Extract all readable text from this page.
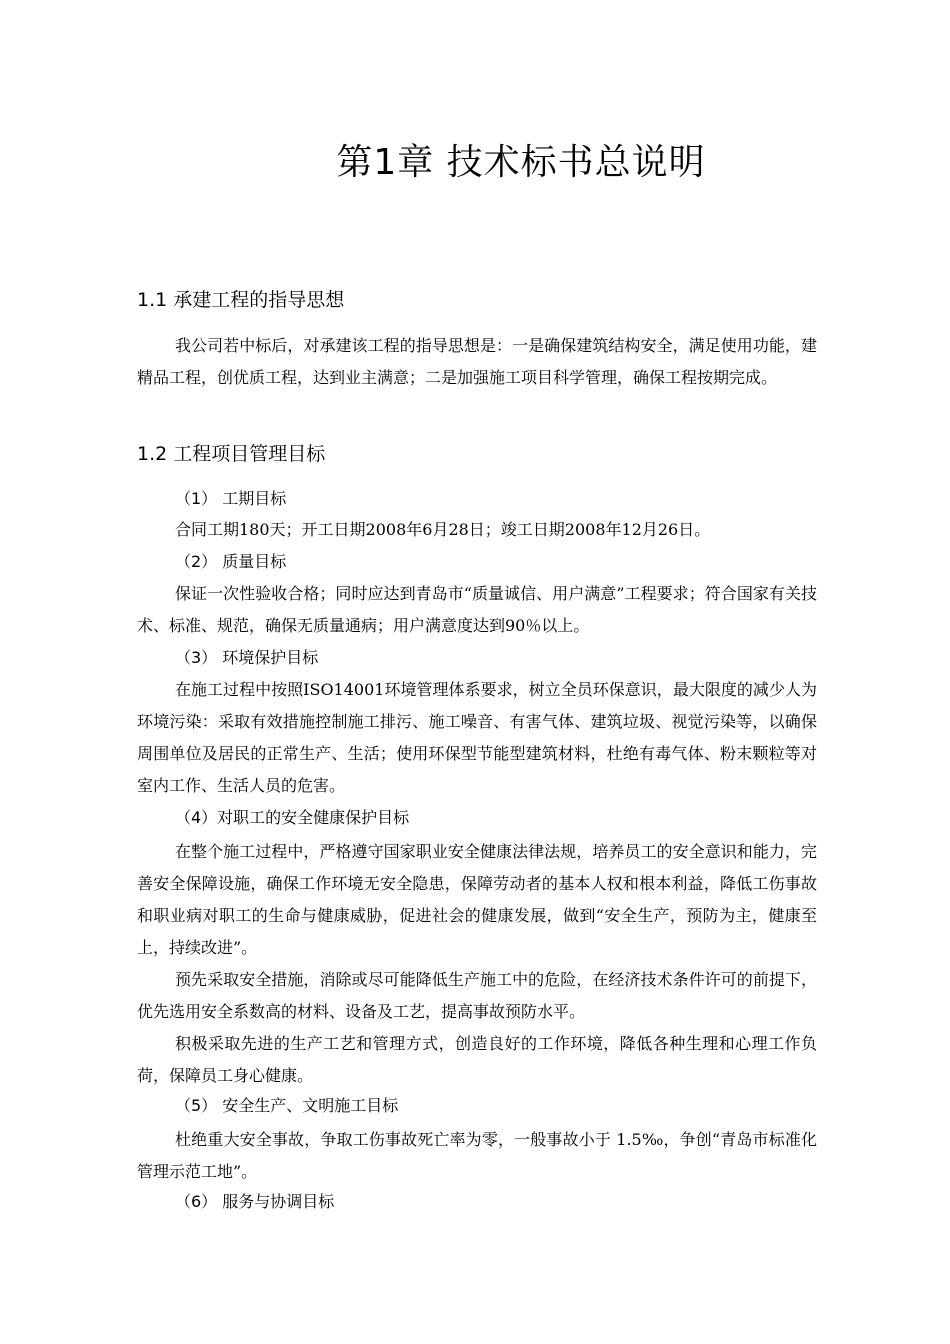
第1章 技术标书总说明
1.1 承建工程的指导思想

我公司若中标后，对承建该工程的指导思想是：一是确保建筑结构安全，满足使用功能，建精品工程，创优质工程，达到业主满意；二是加强施工项目科学管理，确保工程按期完成。

1.2 工程项目管理目标
（1） 工期目标

合同工期180天；开工日期2008年6月28日；竣工日期2008年12月26日。

（2） 质量目标

保证一次性验收合格；同时应达到青岛市“质量诚信、用户满意”工程要求；符合国家有关技术、标准、规范，确保无质量通病；用户满意度达到90％以上。

（3） 环境保护目标

在施工过程中按照ISO14001环境管理体系要求，树立全员环保意识，最大限度的减少人为环境污染：采取有效措施控制施工排污、施工噪音、有害气体、建筑垃圾、视觉污染等，以确保周围单位及居民的正常生产、生活；使用环保型节能型建筑材料，杜绝有毒气体、粉末颗粒等对室内工作、生活人员的危害。

（4）对职工的安全健康保护目标

在整个施工过程中，严格遵守国家职业安全健康法律法规，培养员工的安全意识和能力，完善安全保障设施，确保工作环境无安全隐患，保障劳动者的基本人权和根本利益，降低工伤事故和职业病对职工的生命与健康威胁，促进社会的健康发展，做到“安全生产，预防为主，健康至上，持续改进”。

预先采取安全措施，消除或尽可能降低生产施工中的危险，在经济技术条件许可的前提下，优先选用安全系数高的材料、设备及工艺，提高事故预防水平。

积极采取先进的生产工艺和管理方式，创造良好的工作环境，降低各种生理和心理工作负荷，保障员工身心健康。

（5） 安全生产、文明施工目标

杜绝重大安全事故，争取工伤事故死亡率为零，一般事故小于 1.5‰，争创“青岛市标准化管理示范工地”。

（6） 服务与协调目标
